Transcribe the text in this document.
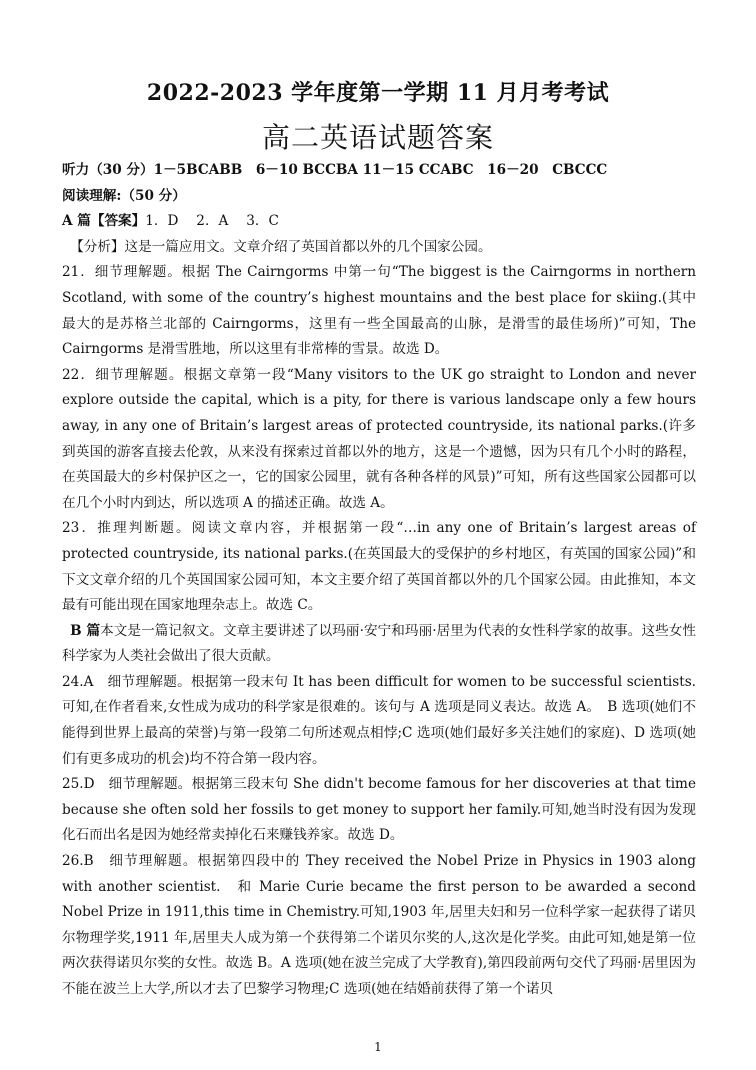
2022-2023 学年度第一学期 11 月月考考试
高二英语试题答案

听力（30 分）1－5BCABB　6－10 BCCBA 11－15 CCABC　16－20　CBCCC

阅读理解:（50 分）

A 篇【答案】1．D　 2．A　 3．C

【分析】这是一篇应用文。文章介绍了英国首都以外的几个国家公园。

21．细节理解题。根据 The Cairngorms 中第一句“The biggest is the Cairngorms in northern Scotland, with some of the country’s highest mountains and the best place for skiing.(其中最大的是苏格兰北部的 Cairngorms，这里有一些全国最高的山脉，是滑雪的最佳场所)”可知，The Cairngorms 是滑雪胜地，所以这里有非常棒的雪景。故选 D。

22．细节理解题。根据文章第一段“Many visitors to the UK go straight to London and never explore outside the capital, which is a pity, for there is various landscape only a few hours away, in any one of Britain’s largest areas of protected countryside, its national parks.(许多到英国的游客直接去伦敦，从来没有探索过首都以外的地方，这是一个遗憾，因为只有几个小时的路程，在英国最大的乡村保护区之一，它的国家公园里，就有各种各样的风景)”可知，所有这些国家公园都可以在几个小时内到达，所以选项 A 的描述正确。故选 A。

23．推理判断题。阅读文章内容，并根据第一段“…in any one of Britain’s largest areas of protected countryside, its national parks.(在英国最大的受保护的乡村地区，有英国的国家公园)”和下文文章介绍的几个英国国家公园可知，本文主要介绍了英国首都以外的几个国家公园。由此推知，本文最有可能出现在国家地理杂志上。故选 C。

B 篇本文是一篇记叙文。文章主要讲述了以玛丽·安宁和玛丽·居里为代表的女性科学家的故事。这些女性科学家为人类社会做出了很大贡献。

24.A　细节理解题。根据第一段末句 It has been difficult for women to be successful scientists.可知,在作者看来,女性成为成功的科学家是很难的。该句与 A 选项是同义表达。故选 A。　B 选项(她们不能得到世界上最高的荣誉)与第一段第二句所述观点相悖;C 选项(她们最好多关注她们的家庭)、D 选项(她们有更多成功的机会)均不符合第一段内容。

25.D　细节理解题。根据第三段末句 She didn't become famous for her discoveries at that time because she often sold her fossils to get money to support her family.可知,她当时没有因为发现化石而出名是因为她经常卖掉化石来赚钱养家。故选 D。

26.B　细节理解题。根据第四段中的 They received the Nobel Prize in Physics in 1903 along with another scientist.　和 Marie Curie became the first person to be awarded a second Nobel Prize in 1911,this time in Chemistry.可知,1903 年,居里夫妇和另一位科学家一起获得了诺贝尔物理学奖,1911 年,居里夫人成为第一个获得第二个诺贝尔奖的人,这次是化学奖。由此可知,她是第一位两次获得诺贝尔奖的女性。故选 B。A 选项(她在波兰完成了大学教育),第四段前两句交代了玛丽·居里因为不能在波兰上大学,所以才去了巴黎学习物理;C 选项(她在结婚前获得了第一个诺贝

1
